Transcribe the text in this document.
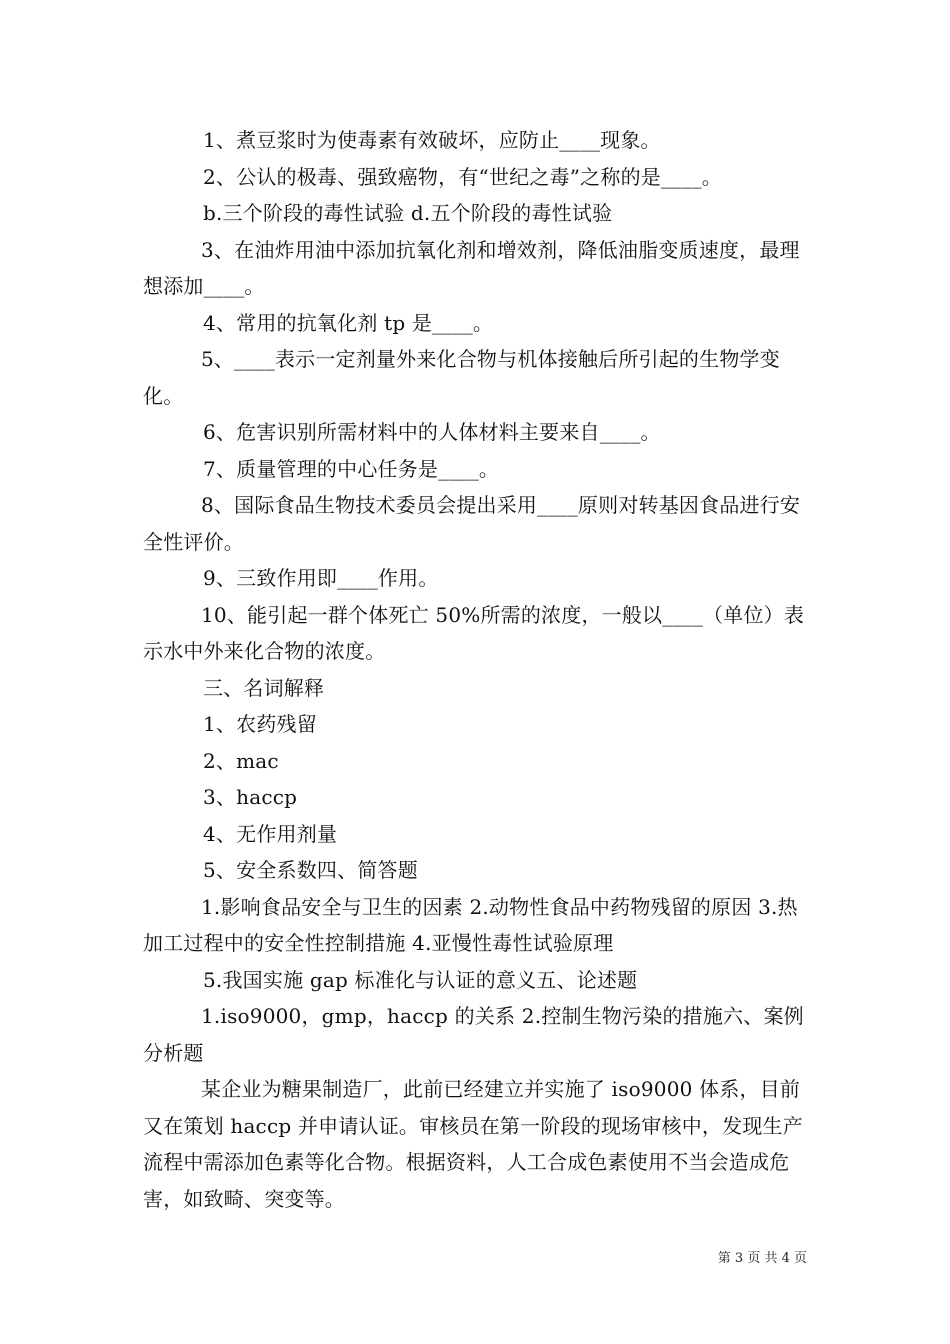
1、煮豆浆时为使毒素有效破坏，应防止____现象。
2、公认的极毒、强致癌物，有“世纪之毒”之称的是____。
b.三个阶段的毒性试验 d.五个阶段的毒性试验
3、在油炸用油中添加抗氧化剂和增效剂，降低油脂变质速度，最理想添加____。
4、常用的抗氧化剂 tp 是____。
5、____表示一定剂量外来化合物与机体接触后所引起的生物学变化。
6、危害识别所需材料中的人体材料主要来自____。
7、质量管理的中心任务是____。
8、国际食品生物技术委员会提出采用____原则对转基因食品进行安全性评价。
9、三致作用即____作用。
10、能引起一群个体死亡 50%所需的浓度，一般以____（单位）表示水中外来化合物的浓度。
三、名词解释
1、农药残留
2、mac
3、haccp
4、无作用剂量
5、安全系数四、简答题
1.影响食品安全与卫生的因素 2.动物性食品中药物残留的原因 3.热加工过程中的安全性控制措施 4.亚慢性毒性试验原理
5.我国实施 gap 标准化与认证的意义五、论述题
1.iso9000，gmp，haccp 的关系 2.控制生物污染的措施六、案例分析题
某企业为糖果制造厂，此前已经建立并实施了 iso9000 体系，目前又在策划 haccp 并申请认证。审核员在第一阶段的现场审核中，发现生产流程中需添加色素等化合物。根据资料，人工合成色素使用不当会造成危害，如致畸、突变等。
第 3 页 共 4 页
